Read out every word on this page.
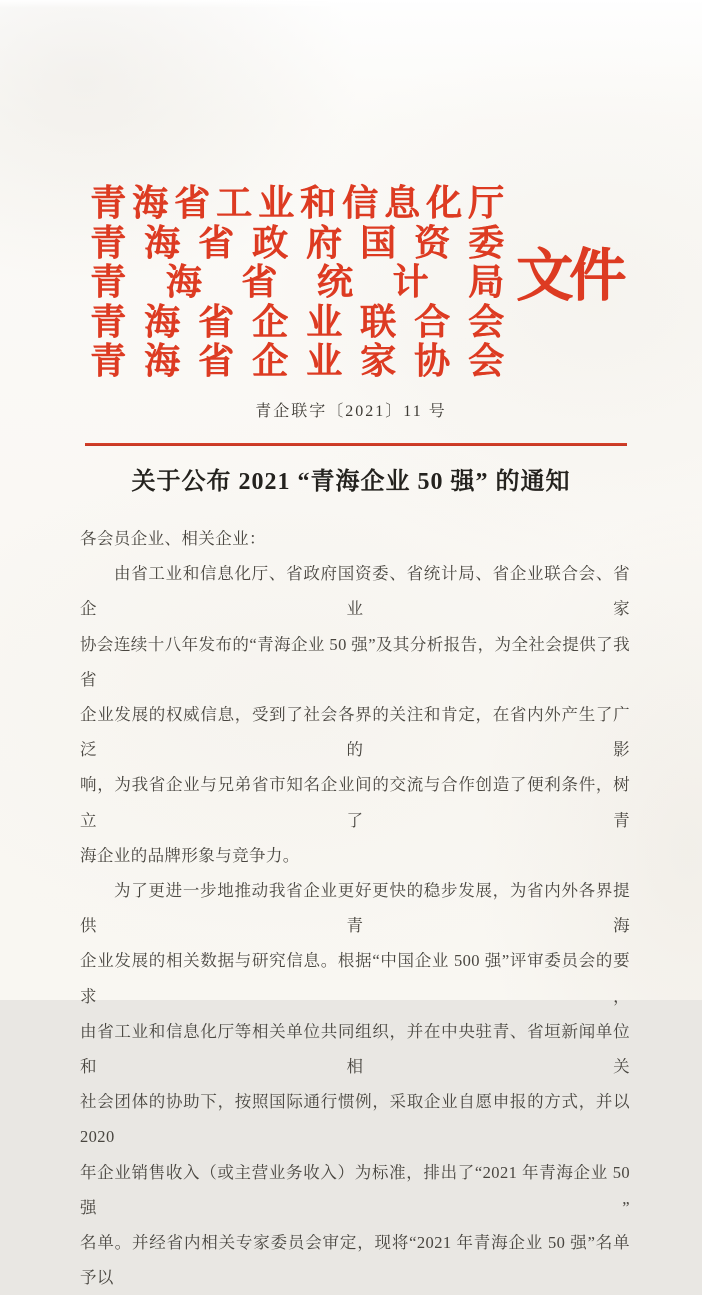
青海省工业和信息化厅
青海省政府国资委
青海省统计局
青海省企业联合会
青海省企业家协会
文件
青企联字〔2021〕11 号
关于公布 2021 “青海企业 50 强” 的通知
各会员企业、相关企业：
由省工业和信息化厅、省政府国资委、省统计局、省企业联合会、省企业家
协会连续十八年发布的“青海企业 50 强”及其分析报告，为全社会提供了我省
企业发展的权威信息，受到了社会各界的关注和肯定，在省内外产生了广泛的影
响，为我省企业与兄弟省市知名企业间的交流与合作创造了便利条件，树立了青
海企业的品牌形象与竞争力。
为了更进一步地推动我省企业更好更快的稳步发展，为省内外各界提供青海
企业发展的相关数据与研究信息。根据“中国企业 500 强”评审委员会的要求，
由省工业和信息化厅等相关单位共同组织，并在中央驻青、省垣新闻单位和相关
社会团体的协助下，按照国际通行惯例，采取企业自愿申报的方式，并以 2020
年企业销售收入（或主营业务收入）为标准，排出了“2021 年青海企业 50 强”
名单。并经省内相关专家委员会审定，现将“2021 年青海企业 50 强”名单予以
